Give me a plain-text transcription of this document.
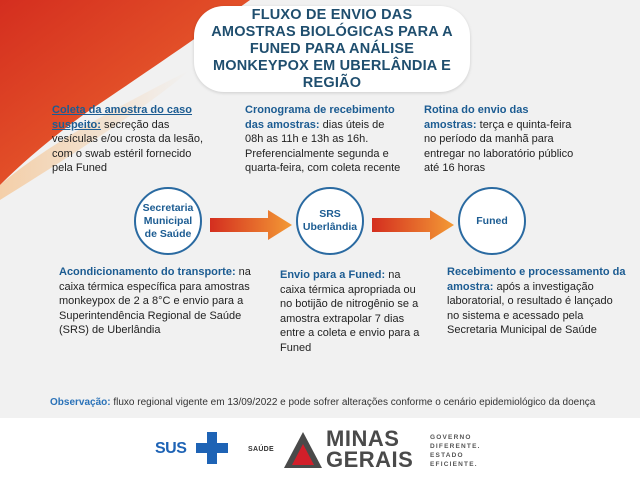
FLUXO DE ENVIO DAS AMOSTRAS BIOLÓGICAS PARA A FUNED PARA ANÁLISE MONKEYPOX EM UBERLÂNDIA E REGIÃO
Coleta da amostra do caso suspeito: secreção das vesículas e/ou crosta da lesão, com o swab estéril fornecido pela Funed
Cronograma de recebimento das amostras: dias úteis de 08h as 11h e 13h as 16h. Preferencialmente segunda e quarta-feira, com coleta recente
Rotina do envio das amostras: terça e quinta-feira no período da manhã para entregar no laboratório público até 16 horas
Secretaria Municipal de Saúde
SRS Uberlândia
Funed
Acondicionamento do transporte: na caixa térmica específica para amostras monkeypox de 2 a 8°C e envio para a Superintendência Regional de Saúde (SRS) de Uberlândia
Envio para a Funed: na caixa térmica apropriada ou no botijão de nitrogênio se a amostra extrapolar 7 dias entre a coleta e envio para a Funed
Recebimento e processamento da amostra: após a investigação laboratorial, o resultado é lançado no sistema e acessado pela Secretaria Municipal de Saúde
Observação: fluxo regional vigente em 13/09/2022 e pode sofrer alterações conforme o cenário epidemiológico da doença
SUS	SAÚDE MINAS
GERAIS
GOVERNO
DIFERENTE.
ESTADO
EFICIENTE.
